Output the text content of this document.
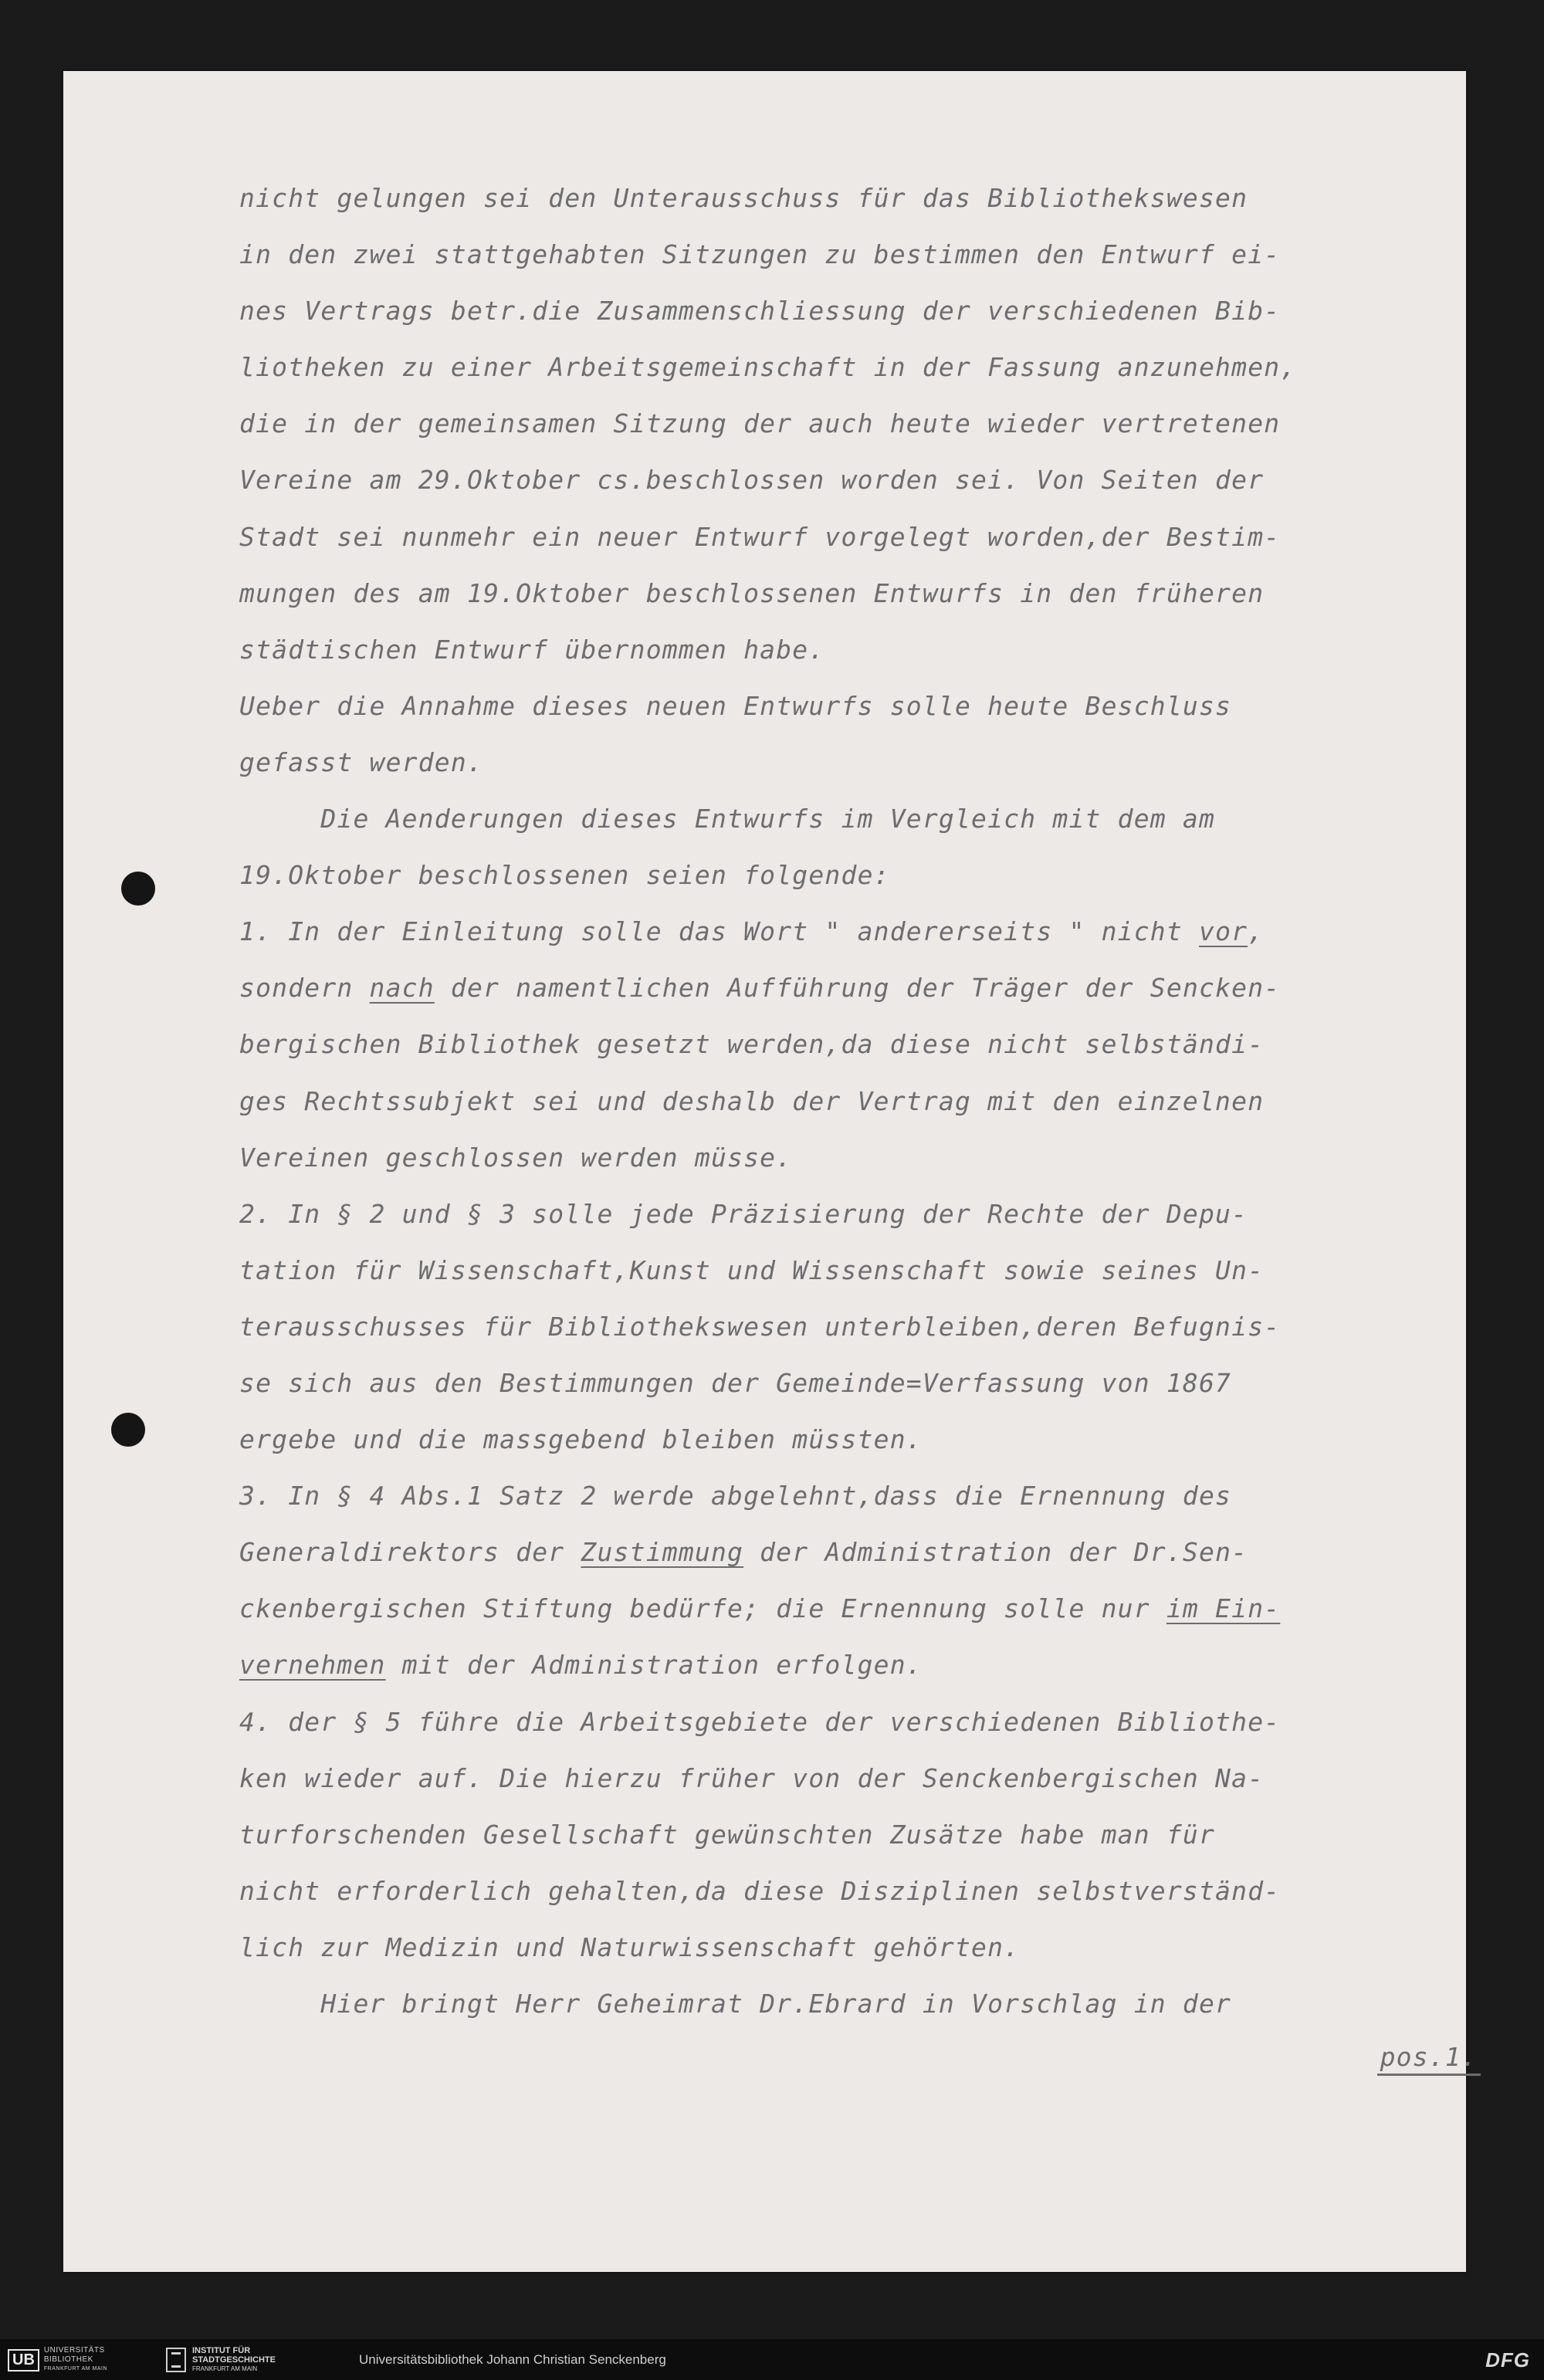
nicht gelungen sei den Unterausschuss für das Bibliothekswesen
in den zwei stattgehabten Sitzungen zu bestimmen den Entwurf ei-
nes Vertrags betr.die Zusammenschliessung der verschiedenen Bib-
liotheken zu einer Arbeitsgemeinschaft in der Fassung anzunehmen,
die in der gemeinsamen Sitzung der auch heute wieder vertretenen
Vereine am 29.Oktober cs.beschlossen worden sei. Von Seiten der
Stadt sei nunmehr ein neuer Entwurf vorgelegt worden,der Bestim-
mungen des am 19.Oktober beschlossenen Entwurfs in den früheren
städtischen Entwurf übernommen habe.
Ueber die Annahme dieses neuen Entwurfs solle heute Beschluss
gefasst werden.
Die Aenderungen dieses Entwurfs im Vergleich mit dem am
19.Oktober beschlossenen seien folgende:
1. In der Einleitung solle das Wort " andererseits " nicht vor,
sondern nach der namentlichen Aufführung der Träger der Sencken-
bergischen Bibliothek gesetzt werden,da diese nicht selbständi-
ges Rechtssubjekt sei und deshalb der Vertrag mit den einzelnen
Vereinen geschlossen werden müsse.
2. In § 2 und § 3 solle jede Präzisierung der Rechte der Depu-
tation für Wissenschaft,Kunst und Wissenschaft sowie seines Un-
terausschusses für Bibliothekswesen unterbleiben,deren Befugnis-
se sich aus den Bestimmungen der Gemeinde=Verfassung von 1867
ergebe und die massgebend bleiben müssten.
3. In § 4 Abs.1 Satz 2 werde abgelehnt,dass die Ernennung des
Generaldirektors der Zustimmung der Administration der Dr.Sen-
ckenbergischen Stiftung bedürfe; die Ernennung solle nur im Ein-
vernehmen mit der Administration erfolgen.
4. der § 5 führe die Arbeitsgebiete der verschiedenen Bibliothe-
ken wieder auf. Die hierzu früher von der Senckenbergischen Na-
turforschenden Gesellschaft gewünschten Zusätze habe man für
nicht erforderlich gehalten,da diese Disziplinen selbstverständ-
lich zur Medizin und Naturwissenschaft gehörten.
Hier bringt Herr Geheimrat Dr.Ebrard in Vorschlag in der
pos.1.
UB
UNIVERSITÄTS
BIBLIOTHEK
FRANKFURT AM MAIN
INSTITUT FÜR
STADTGESCHICHTE
FRANKFURT AM MAIN
Universitätsbibliothek Johann Christian Senckenberg	DFG
